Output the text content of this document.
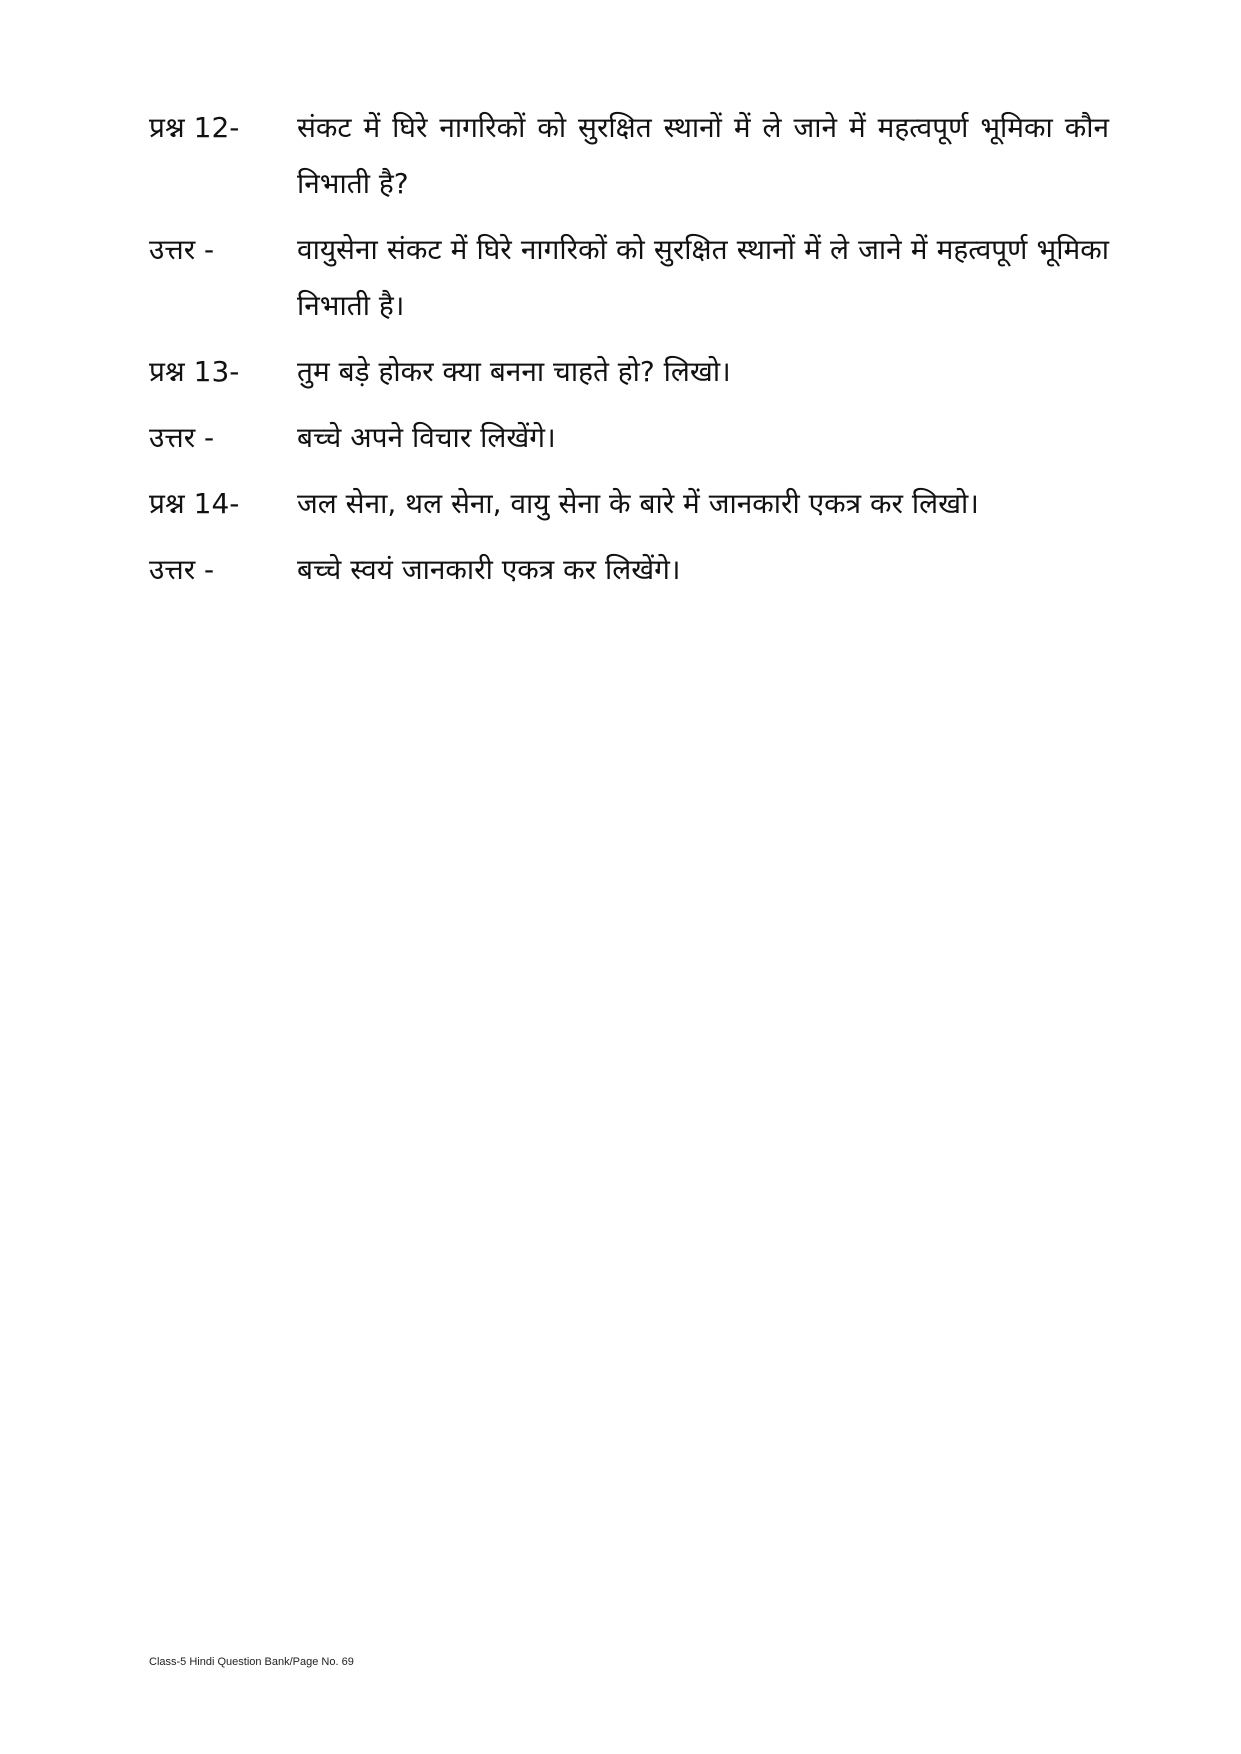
प्रश्न 12-	संकट में घिरे नागरिकों को सुरक्षित स्थानों में ले जाने में महत्वपूर्ण भूमिका कौन निभाती है?
उत्तर -	वायुसेना संकट में घिरे नागरिकों को सुरक्षित स्थानों में ले जाने में महत्वपूर्ण भूमिका निभाती है।
प्रश्न 13-	तुम बड़े होकर क्या बनना चाहते हो? लिखो।
उत्तर -	बच्चे अपने विचार लिखेंगे।
प्रश्न 14-	जल सेना, थल सेना, वायु सेना के बारे में जानकारी एकत्र कर लिखो।
उत्तर -	बच्चे स्वयं जानकारी एकत्र कर लिखेंगे।
Class-5 Hindi Question Bank/Page No. 69
